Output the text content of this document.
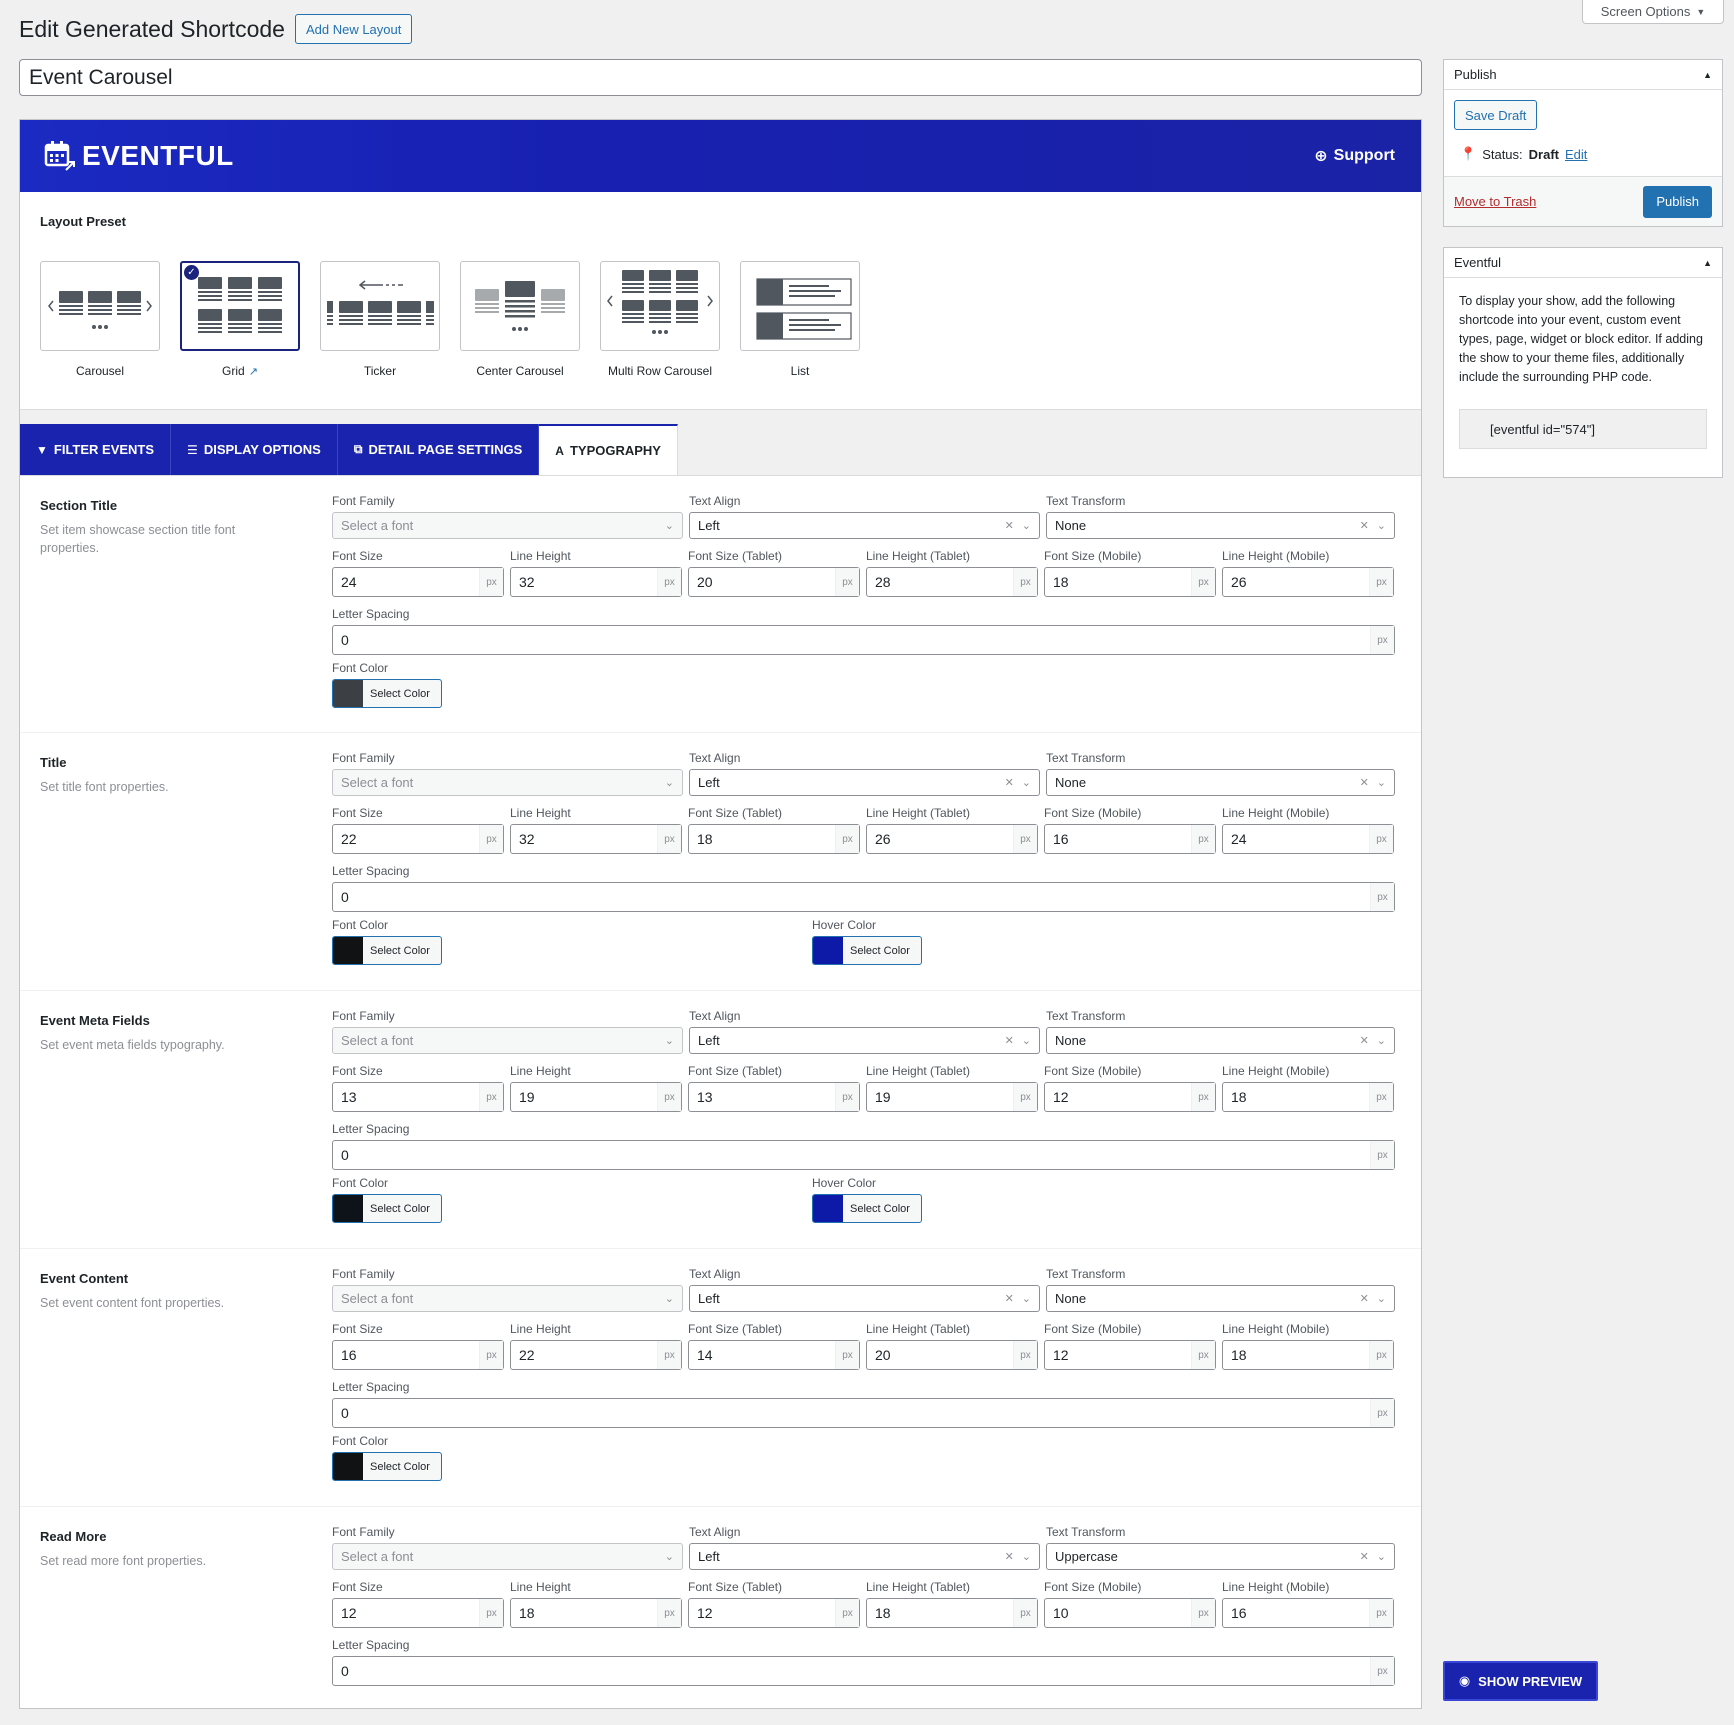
Screen Options ▼
Edit Generated Shortcode	Add New Layout
Event Carousel
EVENTFUL	⊕ Support
Layout Preset
Carousel
✓
Grid ↗	Ticker	Center Carousel	Multi Row Carousel	List
▼ FILTER EVENTS	☰ DISPLAY OPTIONS	⧉ DETAIL PAGE SETTINGS	A TYPOGRAPHY
Section Title
Set item showcase section title font properties.
Font Family
Select a font	⌄
Text Align
Left	✕ ⌄
Text Transform
None	✕ ⌄
Font Size
24	px
Line Height
32	px
Font Size (Tablet)
20	px
Line Height (Tablet)
28	px
Font Size (Mobile)
18	px
Line Height (Mobile)
26	px
Letter Spacing
0	px
Font Color
Select Color
Title
Set title font properties.
Font Family
Select a font	⌄
Text Align
Left	✕ ⌄
Text Transform
None	✕ ⌄
Font Size
22	px
Line Height
32	px
Font Size (Tablet)
18	px
Line Height (Tablet)
26	px
Font Size (Mobile)
16	px
Line Height (Mobile)
24	px
Letter Spacing
0	px
Font Color
Select Color
Hover Color
Select Color
Event Meta Fields
Set event meta fields typography.
Font Family
Select a font	⌄
Text Align
Left	✕ ⌄
Text Transform
None	✕ ⌄
Font Size
13	px
Line Height
19	px
Font Size (Tablet)
13	px
Line Height (Tablet)
19	px
Font Size (Mobile)
12	px
Line Height (Mobile)
18	px
Letter Spacing
0	px
Font Color
Select Color
Hover Color
Select Color
Event Content
Set event content font properties.
Font Family
Select a font	⌄
Text Align
Left	✕ ⌄
Text Transform
None	✕ ⌄
Font Size
16	px
Line Height
22	px
Font Size (Tablet)
14	px
Line Height (Tablet)
20	px
Font Size (Mobile)
12	px
Line Height (Mobile)
18	px
Letter Spacing
0	px
Font Color
Select Color
Read More
Set read more font properties.
Font Family
Select a font	⌄
Text Align
Left	✕ ⌄
Text Transform
Uppercase	✕ ⌄
Font Size
12	px
Line Height
18	px
Font Size (Tablet)
12	px
Line Height (Tablet)
18	px
Font Size (Mobile)
10	px
Line Height (Mobile)
16	px
Letter Spacing
0	px
Publish	▲
Save Draft
📍 Status: Draft Edit
Move to Trash	Publish
Eventful	▲

To display your show, add the following shortcode into your event, custom event types, page, widget or block editor. If adding the show to your theme files, additionally include the surrounding PHP code.

[eventful id="574"]
◉ SHOW PREVIEW
